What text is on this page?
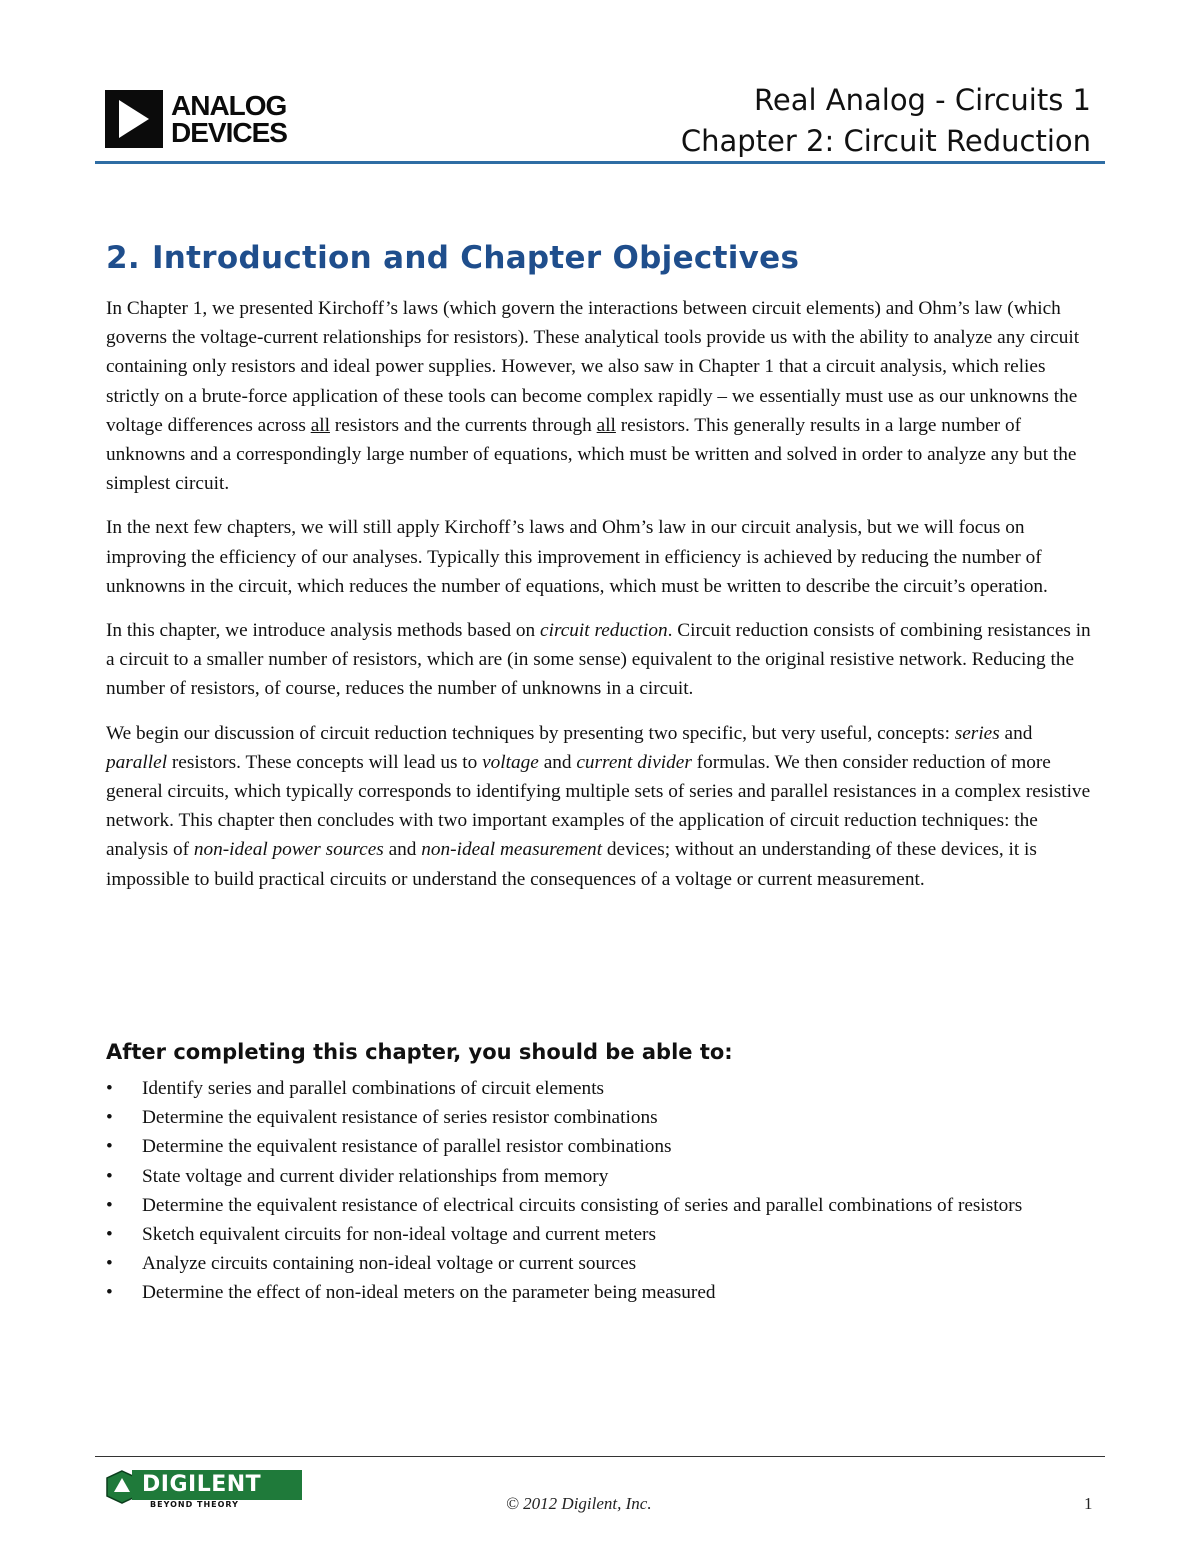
ANALOG
DEVICES
Real Analog - Circuits 1
Chapter 2: Circuit Reduction
2. Introduction and Chapter Objectives

In Chapter 1, we presented Kirchoff’s laws (which govern the interactions between circuit elements) and Ohm’s law (which governs the voltage-current relationships for resistors). These analytical tools provide us with the ability to analyze any circuit containing only resistors and ideal power supplies. However, we also saw in Chapter 1 that a circuit analysis, which relies strictly on a brute-force application of these tools can become complex rapidly – we essentially must use as our unknowns the voltage differences across all resistors and the currents through all resistors. This generally results in a large number of unknowns and a correspondingly large number of equations, which must be written and solved in order to analyze any but the simplest circuit.

In the next few chapters, we will still apply Kirchoff’s laws and Ohm’s law in our circuit analysis, but we will focus on improving the efficiency of our analyses. Typically this improvement in efficiency is achieved by reducing the number of unknowns in the circuit, which reduces the number of equations, which must be written to describe the circuit’s operation.

In this chapter, we introduce analysis methods based on circuit reduction. Circuit reduction consists of combining resistances in a circuit to a smaller number of resistors, which are (in some sense) equivalent to the original resistive network. Reducing the number of resistors, of course, reduces the number of unknowns in a circuit.

We begin our discussion of circuit reduction techniques by presenting two specific, but very useful, concepts: series and parallel resistors. These concepts will lead us to voltage and current divider formulas. We then consider reduction of more general circuits, which typically corresponds to identifying multiple sets of series and parallel resistances in a complex resistive network. This chapter then concludes with two important examples of the application of circuit reduction techniques: the analysis of non-ideal power sources and non-ideal measurement devices; without an understanding of these devices, it is impossible to build practical circuits or understand the consequences of a voltage or current measurement.

After completing this chapter, you should be able to:
• Identify series and parallel combinations of circuit elements
• Determine the equivalent resistance of series resistor combinations
• Determine the equivalent resistance of parallel resistor combinations
• State voltage and current divider relationships from memory
• Determine the equivalent resistance of electrical circuits consisting of series and parallel combinations of resistors
• Sketch equivalent circuits for non-ideal voltage and current meters
• Analyze circuits containing non-ideal voltage or current sources
• Determine the effect of non-ideal meters on the parameter being measured
DIGILENT
BEYOND THEORY	© 2012 Digilent, Inc.	1
